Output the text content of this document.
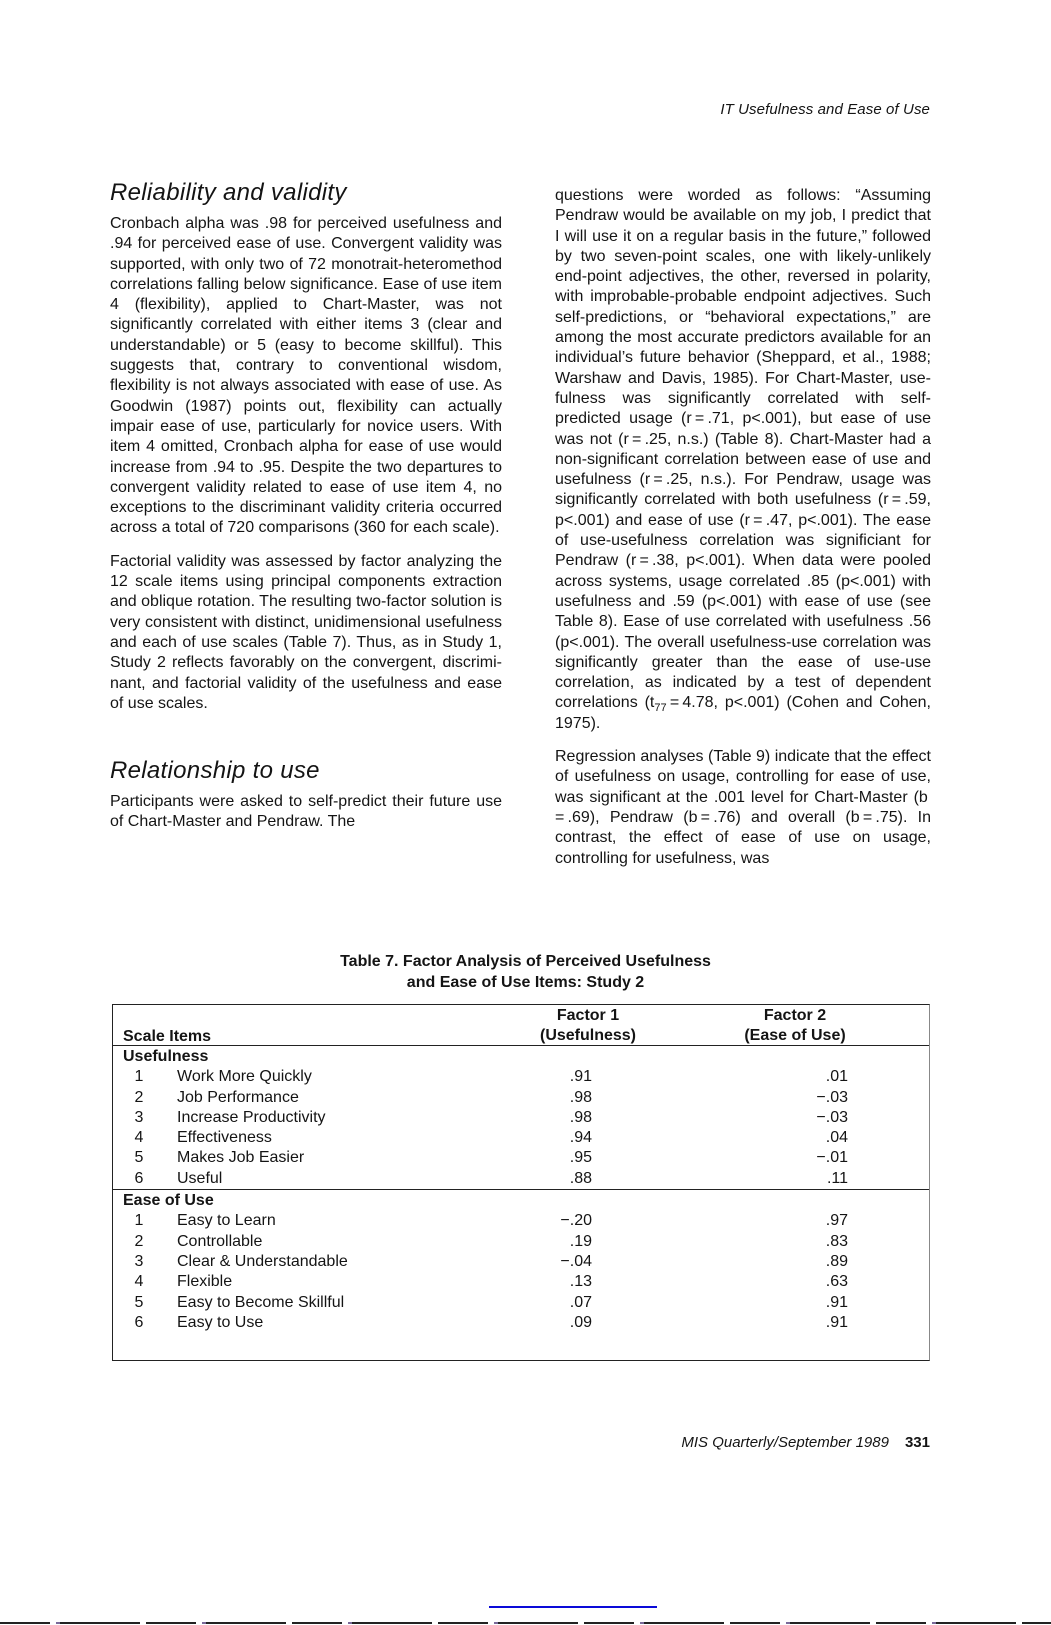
IT Usefulness and Ease of Use
Reliability and validity

Cronbach alpha was .98 for perceived usefulness and .94 for perceived ease of use. Convergent validity was supported, with only two of 72 monotrait-heteromethod correlations falling below significance. Ease of use item 4 (flexibility), applied to Chart-Master, was not significantly correlated with either items 3 (clear and understandable) or 5 (easy to become skillful). This suggests that, contrary to conventional wisdom, flexibility is not always associated with ease of use. As Goodwin (1987) points out, flexibility can actually impair ease of use, particularly for novice users. With item 4 omitted, Cronbach alpha for ease of use would increase from .94 to .95. Despite the two departures to convergent validity related to ease of use item 4, no exceptions to the discriminant validity criteria occurred across a total of 720 comparisons (360 for each scale).

Factorial validity was assessed by factor analyzing the 12 scale items using principal components extraction and oblique rotation. The resulting two-factor solution is very consistent with distinct, unidimensional usefulness and each of use scales (Table 7). Thus, as in Study 1, Study 2 reflects favorably on the convergent, discriminant, and factorial validity of the usefulness and ease of use scales.

Relationship to use

Participants were asked to self-predict their future use of Chart-Master and Pendraw. The

questions were worded as follows: “Assuming Pendraw would be available on my job, I predict that I will use it on a regular basis in the future,” followed by two seven-point scales, one with likely-unlikely end-point adjectives, the other, reversed in polarity, with improbable-probable endpoint adjectives. Such self-predictions, or “behavioral expectations,” are among the most accurate predictors available for an individual’s future behavior (Sheppard, et al., 1988; Warshaw and Davis, 1985). For Chart-Master, usefulness was significantly correlated with self-predicted usage (r = .71, p<.001), but ease of use was not (r = .25, n.s.) (Table 8). Chart-Master had a non-significant correlation between ease of use and usefulness (r = .25, n.s.). For Pendraw, usage was significantly correlated with both usefulness (r = .59, p<.001) and ease of use (r = .47, p<.001). The ease of use-usefulness correlation was significiant for Pendraw (r = .38, p<.001). When data were pooled across systems, usage correlated .85 (p<.001) with usefulness and .59 (p<.001) with ease of use (see Table 8). Ease of use correlated with usefulness .56 (p<.001). The overall usefulness-use correlation was significantly greater than the ease of use-use correlation, as indicated by a test of dependent correlations ($t_{77} = 4.78$, p<.001) (Cohen and Cohen, 1975).

Regression analyses (Table 9) indicate that the effect of usefulness on usage, controlling for ease of use, was significant at the .001 level for Chart-Master (b = .69), Pendraw (b = .76) and overall (b = .75). In contrast, the effect of ease of use on usage, controlling for usefulness, was

Table 7. Factor Analysis of Perceived Usefulness
and Ease of Use Items: Study 2
Scale Items
Factor 1
(Usefulness)
Factor 2
(Ease of Use)
Usefulness
1 Work More Quickly	.91	.01
2 Job Performance	.98	−.03
3 Increase Productivity	.98	−.03
4 Effectiveness	.94	.04
5 Makes Job Easier	.95	−.01
6 Useful	.88	.11
Ease of Use
1 Easy to Learn	−.20	.97
2 Controllable	.19	.83
3 Clear & Understandable	−.04	.89
4 Flexible	.13	.63
5 Easy to Become Skillful	.07	.91
6 Easy to Use	.09	.91
MIS Quarterly/September 1989 331
